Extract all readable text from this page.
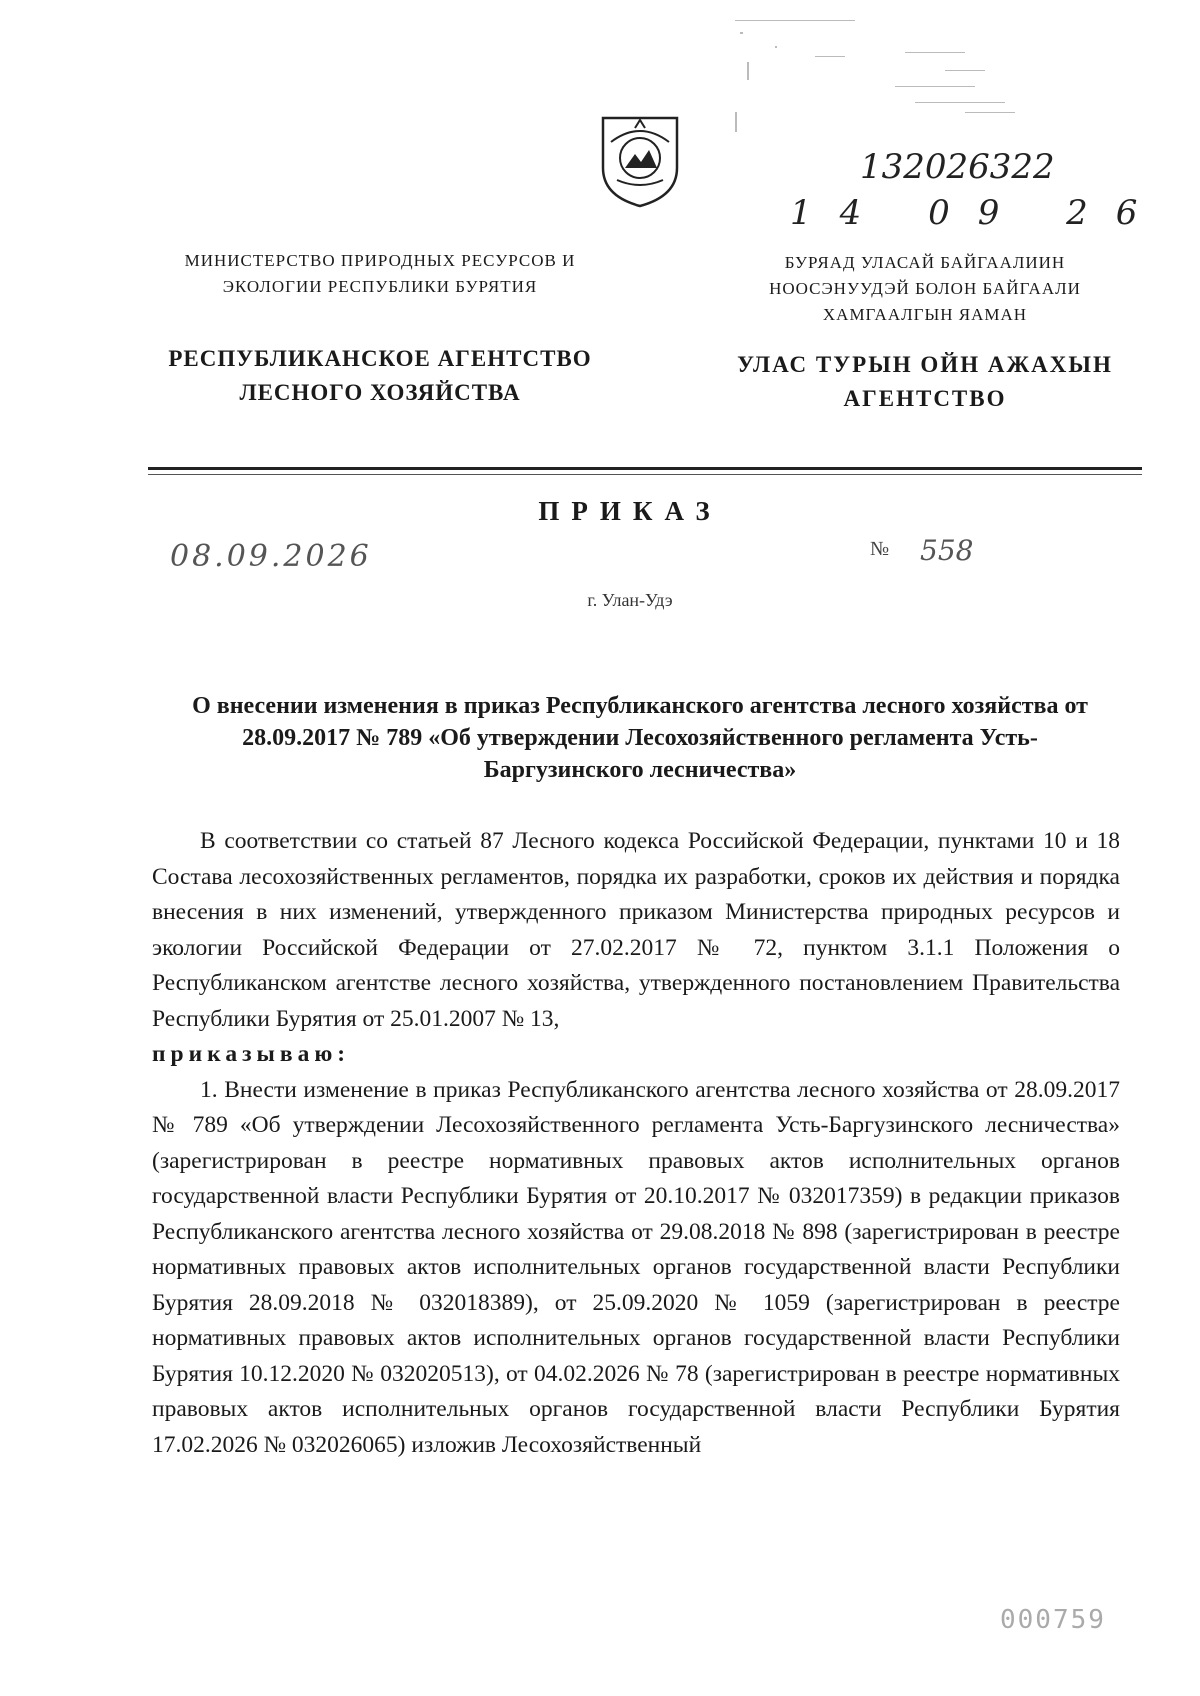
132026322
14 09 26
МИНИСТЕРСТВО ПРИРОДНЫХ РЕСУРСОВ И ЭКОЛОГИИ РЕСПУБЛИКИ БУРЯТИЯ
БУРЯАД УЛАСАЙ БАЙГААЛИИН НООСЭНУУДЭЙ БОЛОН БАЙГААЛИ ХАМГААЛГЫН ЯАМАН
РЕСПУБЛИКАНСКОЕ АГЕНТСТВО ЛЕСНОГО ХОЗЯЙСТВА
УЛАС ТУРЫН ОЙН АЖАХЫН АГЕНТСТВО
ПРИКАЗ
08.09.2026	№ 558
г. Улан-Удэ
О внесении изменения в приказ Республиканского агентства лесного хозяйства от 28.09.2017 № 789 «Об утверждении Лесохозяйственного регламента Усть-Баргузинского лесничества»

В соответствии со статьей 87 Лесного кодекса Российской Федерации, пунктами 10 и 18 Состава лесохозяйственных регламентов, порядка их разработки, сроков их действия и порядка внесения в них изменений, утвержденного приказом Министерства природных ресурсов и экологии Российской Федерации от 27.02.2017 № 72, пунктом 3.1.1 Положения о Республиканском агентстве лесного хозяйства, утвержденного постановлением Правительства Республики Бурятия от 25.01.2007 № 13,

приказываю:

1. Внести изменение в приказ Республиканского агентства лесного хозяйства от 28.09.2017 № 789 «Об утверждении Лесохозяйственного регламента Усть-Баргузинского лесничества» (зарегистрирован в реестре нормативных правовых актов исполнительных органов государственной власти Республики Бурятия от 20.10.2017 № 032017359) в редакции приказов Республиканского агентства лесного хозяйства от 29.08.2018 № 898 (зарегистрирован в реестре нормативных правовых актов исполнительных органов государственной власти Республики Бурятия 28.09.2018 № 032018389), от 25.09.2020 № 1059 (зарегистрирован в реестре нормативных правовых актов исполнительных органов государственной власти Республики Бурятия 10.12.2020 № 032020513), от 04.02.2026 № 78 (зарегистрирован в реестре нормативных правовых актов исполнительных органов государственной власти Республики Бурятия 17.02.2026 № 032026065) изложив Лесохозяйственный

000759
